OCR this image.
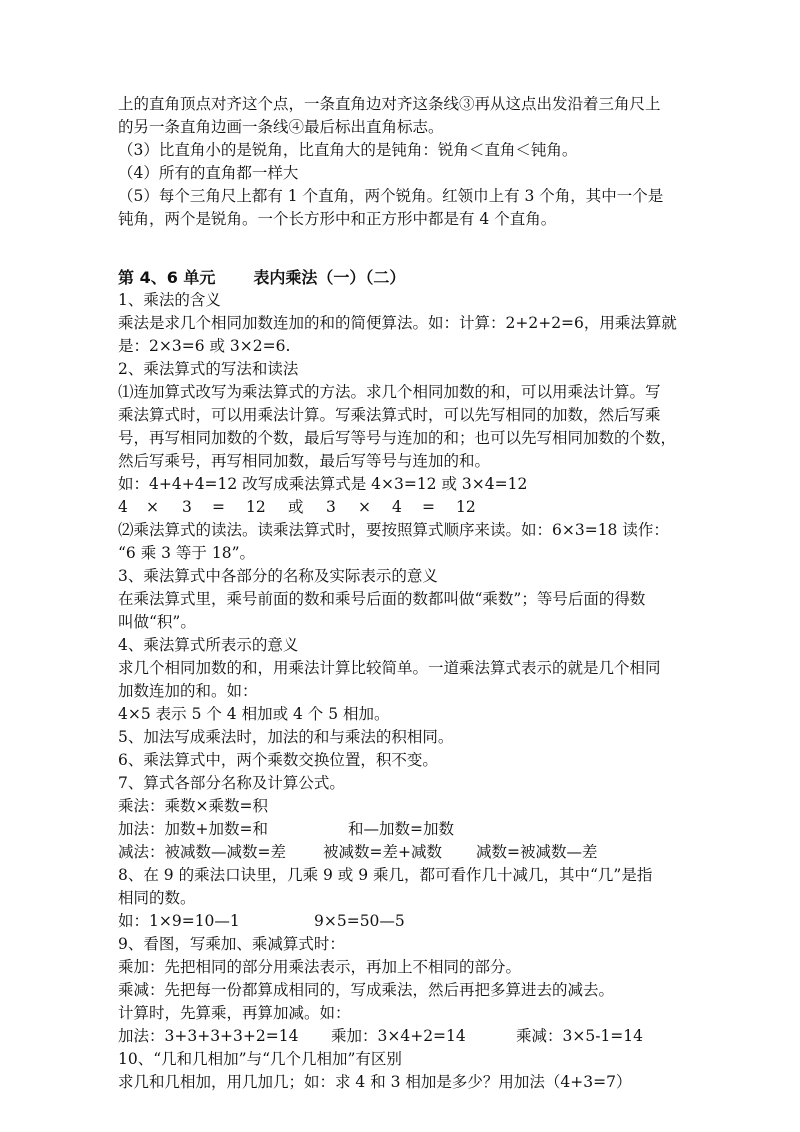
上的直角顶点对齐这个点，一条直角边对齐这条线③再从这点出发沿着三角尺上
的另一条直角边画一条线④最后标出直角标志。
（3）比直角小的是锐角，比直角大的是钝角：锐角＜直角＜钝角。
（4）所有的直角都一样大
（5）每个三角尺上都有 1 个直角，两个锐角。红领巾上有 3 个角，其中一个是
钝角，两个是锐角。一个长方形中和正方形中都是有 4 个直角。
第 4、6 单元 表内乘法（一）（二）
1、乘法的含义
乘法是求几个相同加数连加的和的简便算法。如：计算：2+2+2=6，用乘法算就
是：2×3=6 或 3×2=6.
2、乘法算式的写法和读法
⑴连加算式改写为乘法算式的方法。求几个相同加数的和，可以用乘法计算。写
乘法算式时，可以用乘法计算。写乘法算式时，可以先写相同的加数，然后写乘
号，再写相同加数的个数，最后写等号与连加的和；也可以先写相同加数的个数，
然后写乘号，再写相同加数，最后写等号与连加的和。
如：4+4+4=12 改写成乘法算式是 4×3=12 或 3×4=12
4 × 3 = 12 或 3 × 4 = 12
⑵乘法算式的读法。读乘法算式时，要按照算式顺序来读。如：6×3=18 读作：
“6 乘 3 等于 18”。
3、乘法算式中各部分的名称及实际表示的意义
在乘法算式里，乘号前面的数和乘号后面的数都叫做“乘数”；等号后面的得数
叫做“积”。
4、乘法算式所表示的意义
求几个相同加数的和，用乘法计算比较简单。一道乘法算式表示的就是几个相同
加数连加的和。如：
4×5 表示 5 个 4 相加或 4 个 5 相加。
5、加法写成乘法时，加法的和与乘法的积相同。
6、乘法算式中，两个乘数交换位置，积不变。
7、算式各部分名称及计算公式。
乘法：乘数×乘数=积
加法：加数+加数=和	和—加数=加数
减法：被减数—减数=差 被减数=差+减数 减数=被减数—差
8、在 9 的乘法口诀里，几乘 9 或 9 乘几，都可看作几十减几，其中“几”是指
相同的数。
如：1×9=10—1	9×5=50—5
9、看图，写乘加、乘减算式时：
乘加：先把相同的部分用乘法表示，再加上不相同的部分。
乘减：先把每一份都算成相同的，写成乘法，然后再把多算进去的减去。
计算时，先算乘，再算加减。如：
加法：3+3+3+3+2=14 乘加：3×4+2=14	乘减：3×5-1=14
10、“几和几相加”与“几个几相加”有区别
求几和几相加，用几加几；如：求 4 和 3 相加是多少？用加法（4+3=7）
